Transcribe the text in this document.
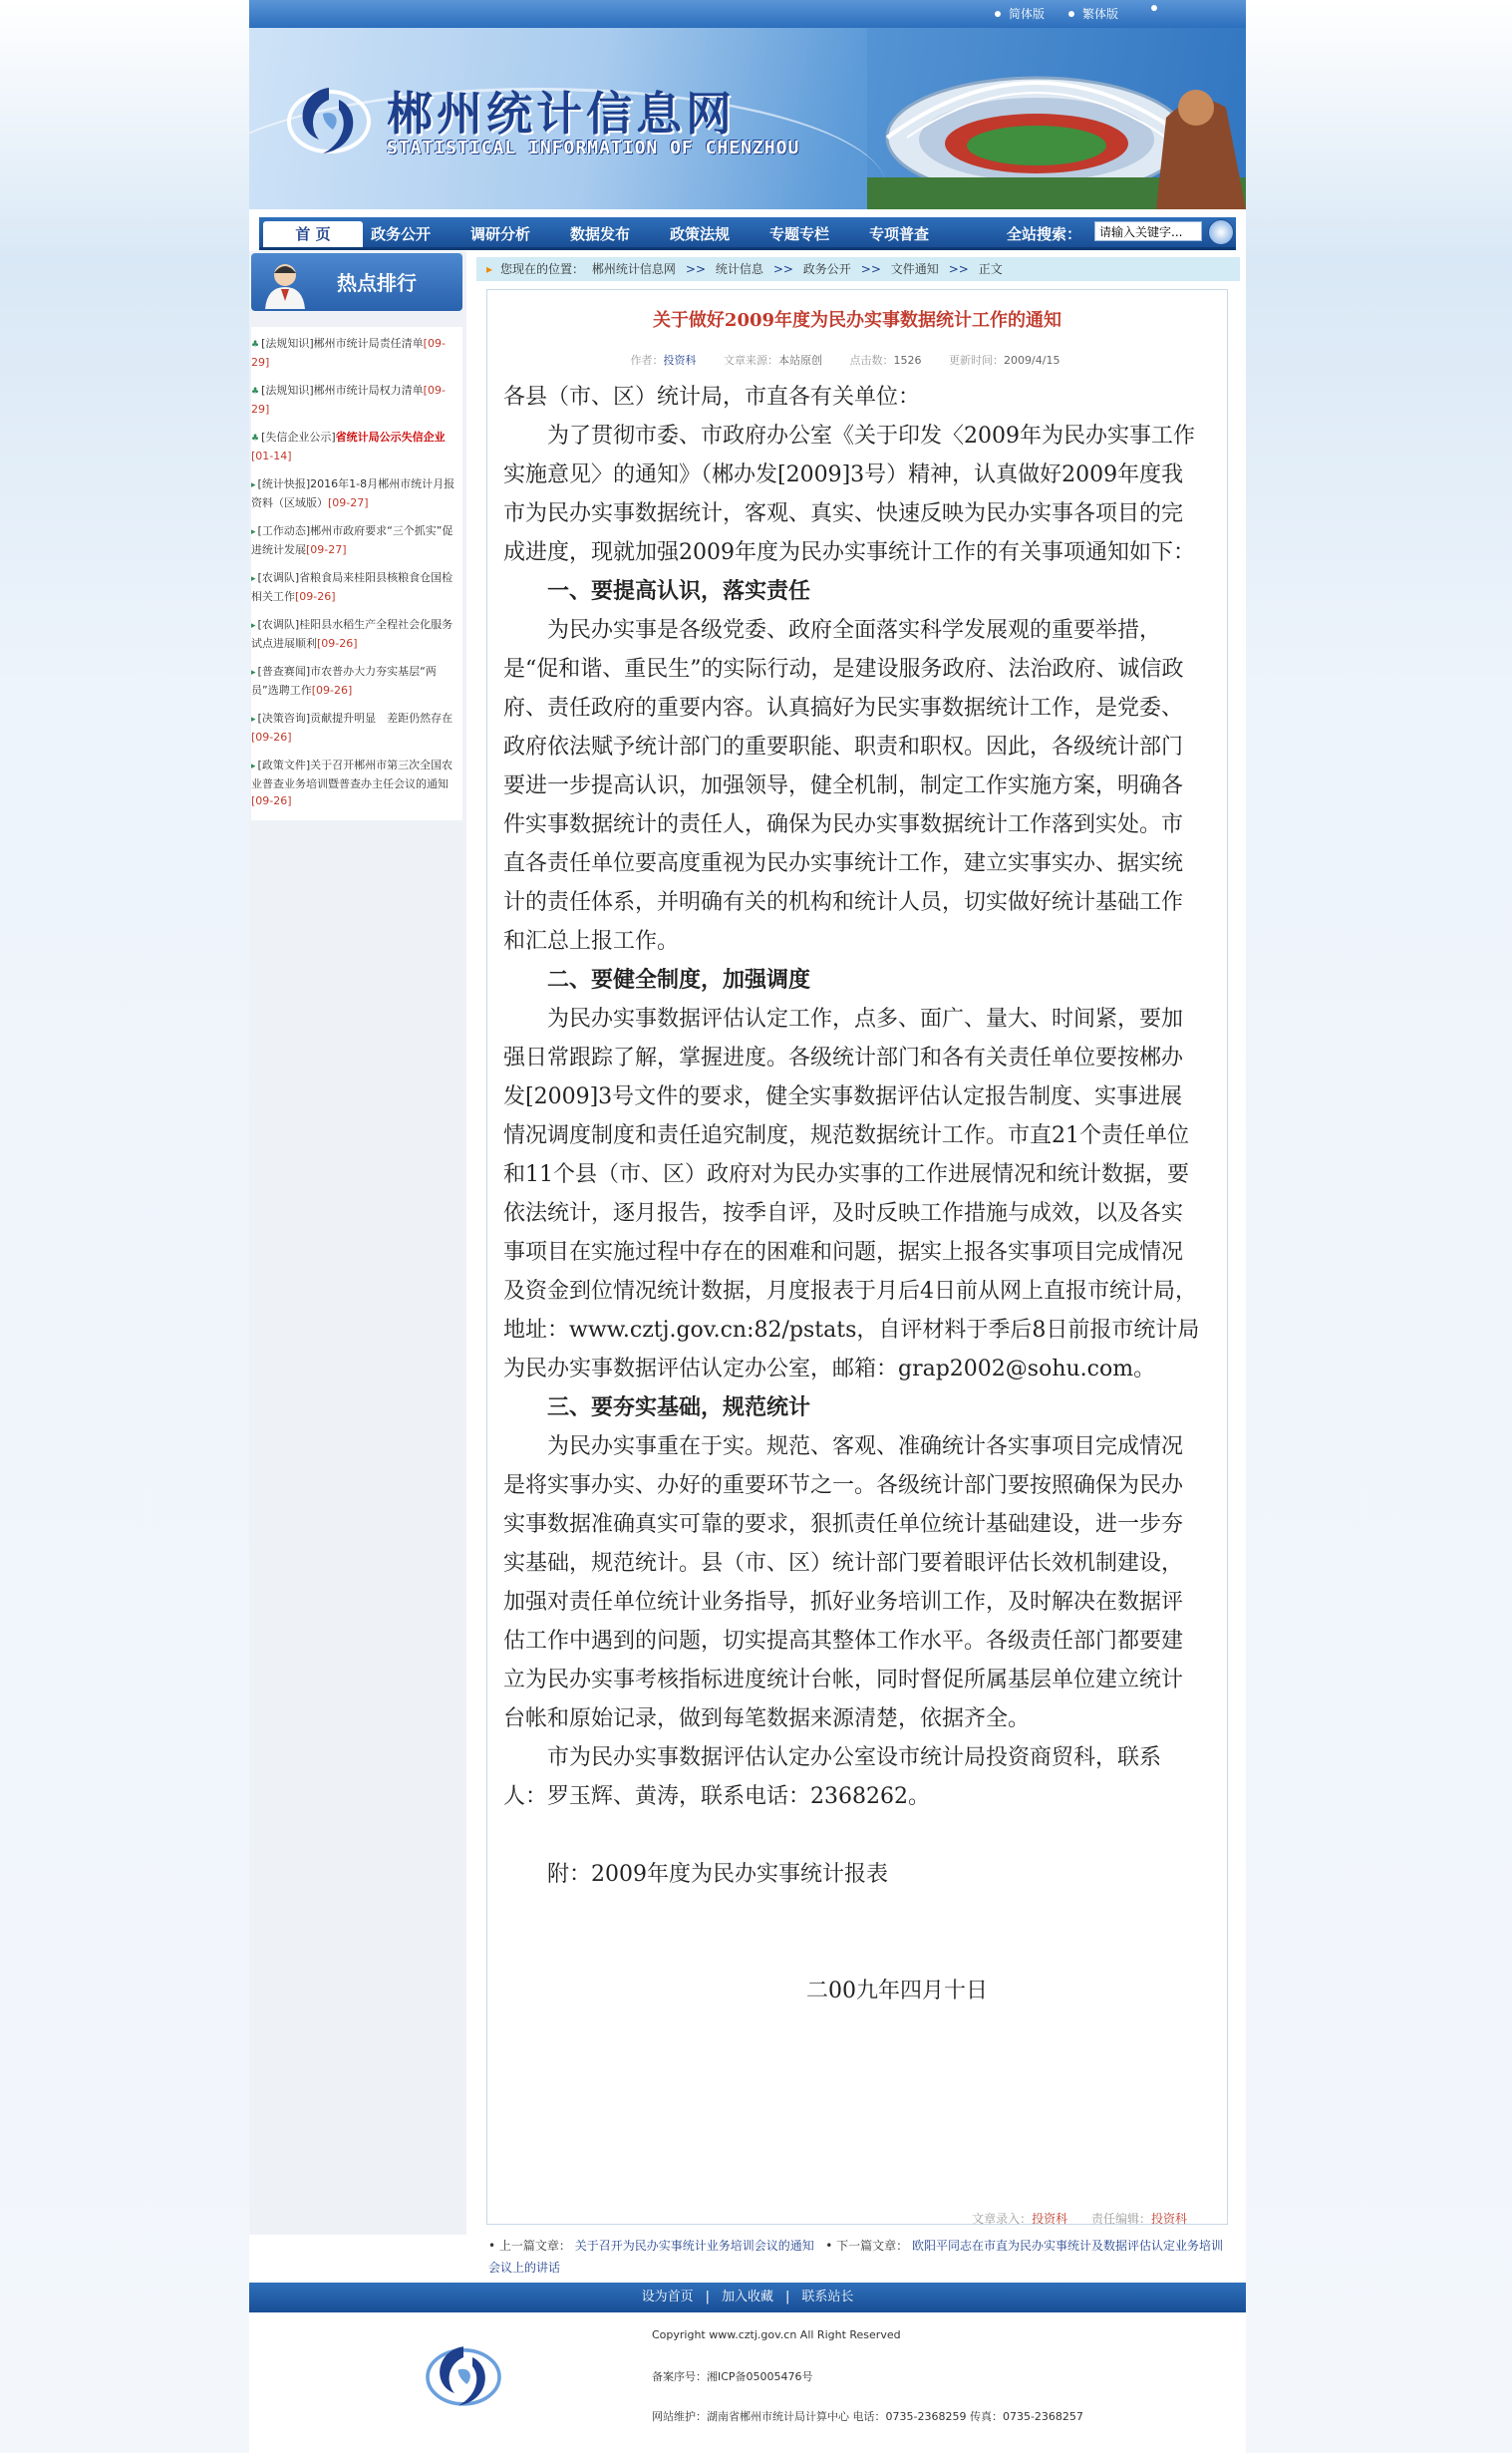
简体版	繁体版
郴州统计信息网
STATISTICAL INFORMATION OF CHENZHOU
首 页	政务公开	调研分析	数据发布	政策法规	专题专栏	专项普查	全站搜索：
请输入关键字...
热点排行
♣ [法规知识]郴州市统计局责任清单[09-29]
♣ [法规知识]郴州市统计局权力清单[09-29]
♣ [失信企业公示]省统计局公示失信企业[01-14]
▸ [统计快报]2016年1-8月郴州市统计月报资料（区域版）[09-27]
▸ [工作动态]郴州市政府要求“三个抓实”促进统计发展[09-27]
▸ [农调队]省粮食局来桂阳县核粮食仓国检相关工作[09-26]
▸ [农调队]桂阳县水稻生产全程社会化服务试点进展顺利[09-26]
▸ [普查赛闻]市农普办大力夯实基层“两员”选聘工作[09-26]
▸ [决策咨询]贡献提升明显　差距仍然存在[09-26]
▸ [政策文件]关于召开郴州市第三次全国农业普查业务培训暨普查办主任会议的通知[09-26]
▸ 您现在的位置： 郴州统计信息网 >> 统计信息 >> 政务公开 >> 文件通知 >> 正文
关于做好2009年度为民办实事数据统计工作的通知
作者：投资科	文章来源：本站原创	点击数：1526	更新时间：2009/4/15

各县（市、区）统计局，市直各有关单位：

为了贯彻市委、市政府办公室《关于印发〈2009年为民办实事工作实施意见〉的通知》（郴办发[2009]3号）精神，认真做好2009年度我市为民办实事数据统计，客观、真实、快速反映为民办实事各项目的完成进度，现就加强2009年度为民办实事统计工作的有关事项通知如下：

一、要提高认识，落实责任

为民办实事是各级党委、政府全面落实科学发展观的重要举措，是“促和谐、重民生”的实际行动，是建设服务政府、法治政府、诚信政府、责任政府的重要内容。认真搞好为民实事数据统计工作，是党委、政府依法赋予统计部门的重要职能、职责和职权。因此，各级统计部门要进一步提高认识，加强领导，健全机制，制定工作实施方案，明确各件实事数据统计的责任人，确保为民办实事数据统计工作落到实处。市直各责任单位要高度重视为民办实事统计工作，建立实事实办、据实统计的责任体系，并明确有关的机构和统计人员，切实做好统计基础工作和汇总上报工作。

二、要健全制度，加强调度

为民办实事数据评估认定工作，点多、面广、量大、时间紧，要加强日常跟踪了解，掌握进度。各级统计部门和各有关责任单位要按郴办发[2009]3号文件的要求，健全实事数据评估认定报告制度、实事进展情况调度制度和责任追究制度，规范数据统计工作。市直21个责任单位和11个县（市、区）政府对为民办实事的工作进展情况和统计数据，要依法统计，逐月报告，按季自评，及时反映工作措施与成效，以及各实事项目在实施过程中存在的困难和问题，据实上报各实事项目完成情况及资金到位情况统计数据，月度报表于月后4日前从网上直报市统计局，地址：www.cztj.gov.cn:82/pstats，自评材料于季后8日前报市统计局为民办实事数据评估认定办公室，邮箱：grap2002@sohu.com。

三、要夯实基础，规范统计

为民办实事重在于实。规范、客观、准确统计各实事项目完成情况是将实事办实、办好的重要环节之一。各级统计部门要按照确保为民办实事数据准确真实可靠的要求，狠抓责任单位统计基础建设，进一步夯实基础，规范统计。县（市、区）统计部门要着眼评估长效机制建设，加强对责任单位统计业务指导，抓好业务培训工作，及时解决在数据评估工作中遇到的问题，切实提高其整体工作水平。各级责任部门都要建立为民办实事考核指标进度统计台帐，同时督促所属基层单位建立统计台帐和原始记录，做到每笔数据来源清楚，依据齐全。

市为民办实事数据评估认定办公室设市统计局投资商贸科，联系人：罗玉辉、黄涛，联系电话：2368262。

附：2009年度为民办实事统计报表

二00九年四月十日

文章录入：投资科 责任编辑：投资科
• 上一篇文章： 关于召开为民办实事统计业务培训会议的通知 • 下一篇文章： 欧阳平同志在市直为民办实事统计及数据评估认定业务培训会议上的讲话
设为首页 | 加入收藏 | 联系站长
Copyright www.cztj.gov.cn All Right Reserved
备案序号：湘ICP备05005476号
网站维护：湖南省郴州市统计局计算中心 电话：0735-2368259 传真：0735-2368257
